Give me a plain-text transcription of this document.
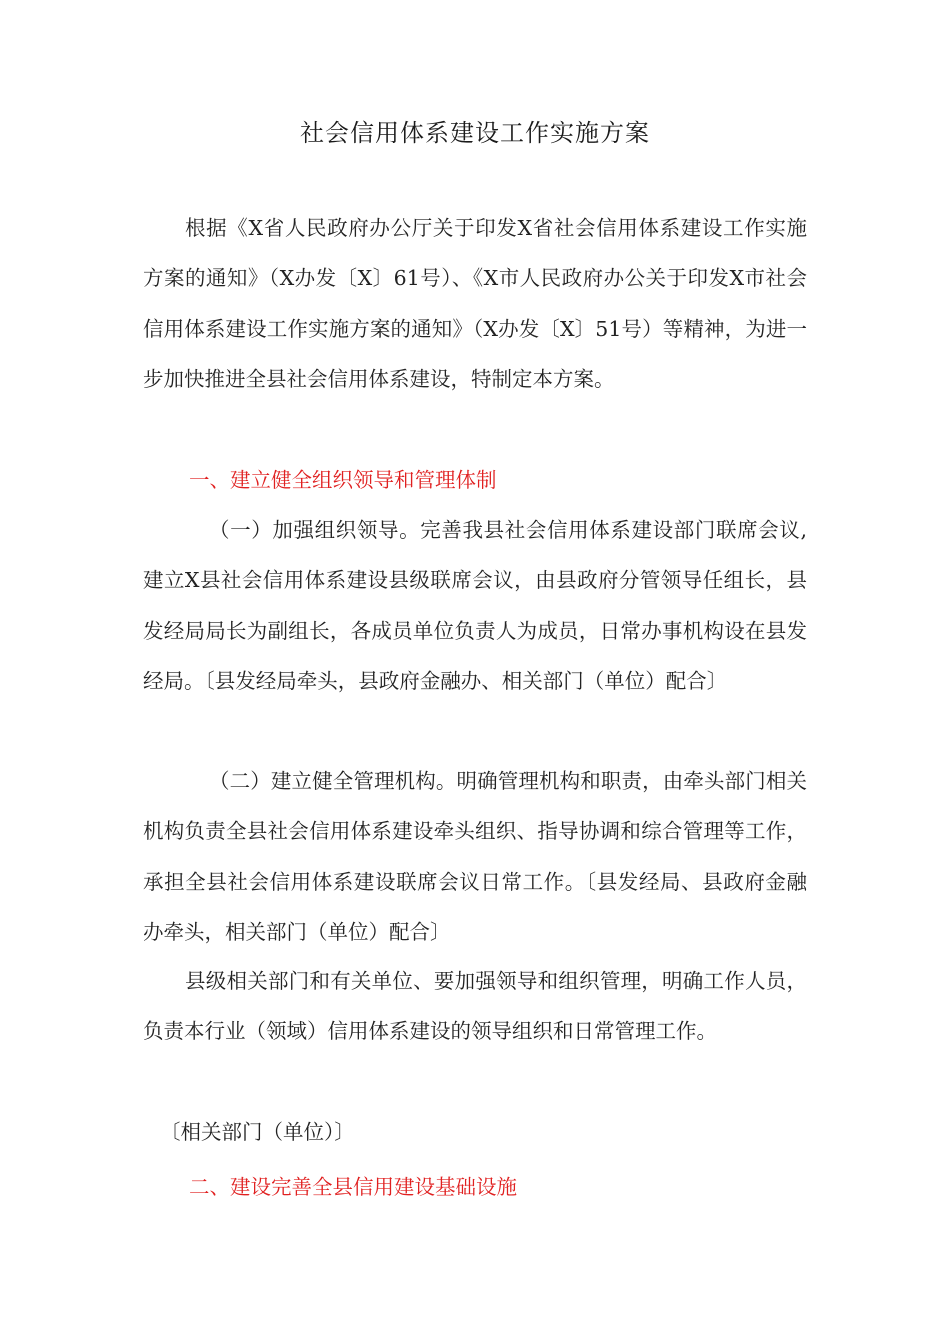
社会信用体系建设工作实施方案

根据《X省人民政府办公厅关于印发X省社会信用体系建设工作实施方案的通知》（X办发〔X〕61号）、《X市人民政府办公关于印发X市社会信用体系建设工作实施方案的通知》（X办发〔X〕51号）等精神，为进一步加快推进全县社会信用体系建设，特制定本方案。

一、建立健全组织领导和管理体制

（一）加强组织领导。完善我县社会信用体系建设部门联席会议,建立X县社会信用体系建设县级联席会议，由县政府分管领导任组长，县发经局局长为副组长，各成员单位负责人为成员，日常办事机构设在县发经局。〔县发经局牵头，县政府金融办、相关部门（单位）配合〕

（二）建立健全管理机构。明确管理机构和职责，由牵头部门相关机构负责全县社会信用体系建设牵头组织、指导协调和综合管理等工作，承担全县社会信用体系建设联席会议日常工作。〔县发经局、县政府金融办牵头，相关部门（单位）配合〕

县级相关部门和有关单位、要加强领导和组织管理，明确工作人员，负责本行业（领域）信用体系建设的领导组织和日常管理工作。

〔相关部门（单位）〕

二、建设完善全县信用建设基础设施
